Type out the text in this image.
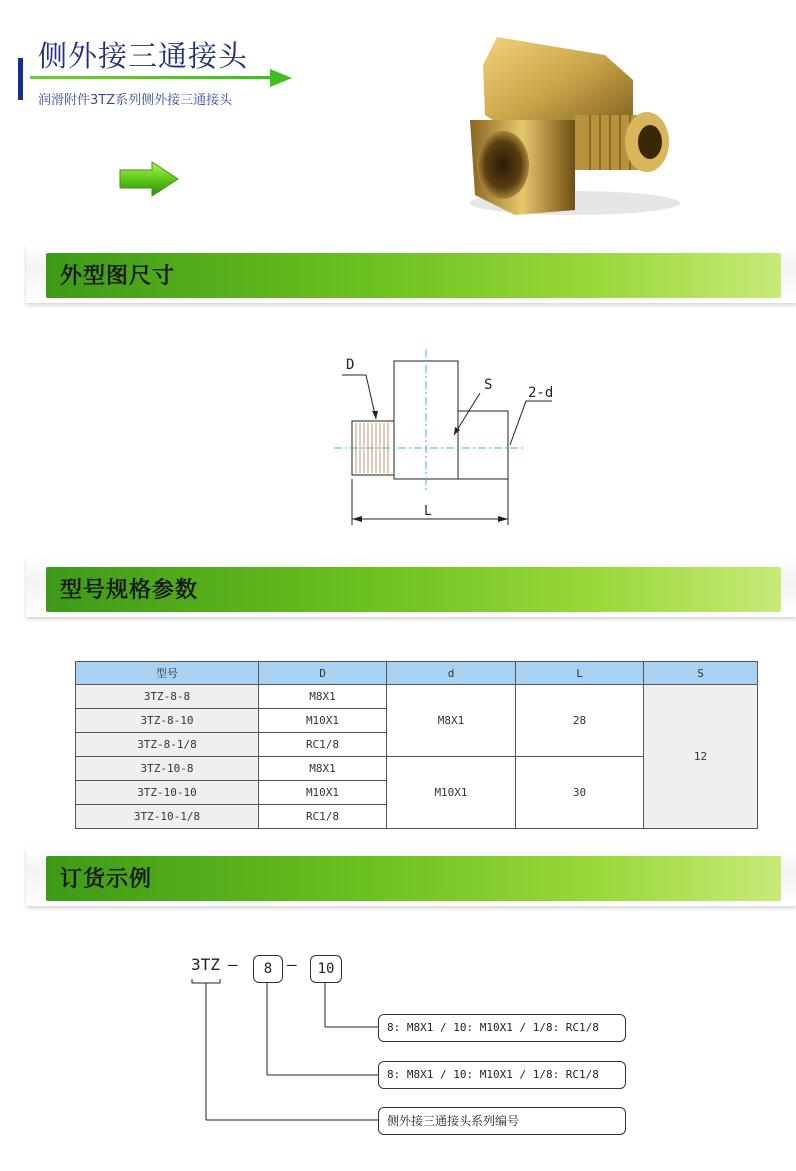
侧外接三通接头
润滑附件3TZ系列侧外接三通接头
外型图尺寸
D
S	2-d
L
型号规格参数
型号	D	d	L	S
3TZ-8-8	M8X1	M8X1	28	12
3TZ-8-10	M10X1			
3TZ-8-1/8	RC1/8			
3TZ-10-8	M8X1	M10X1	30	
3TZ-10-10	M10X1			
3TZ-10-1/8	RC1/8			
订货示例
3TZ —	8 —	10
8: M8X1 / 10: M10X1 / 1/8: RC1/8
8: M8X1 / 10: M10X1 / 1/8: RC1/8
侧外接三通接头系列编号
